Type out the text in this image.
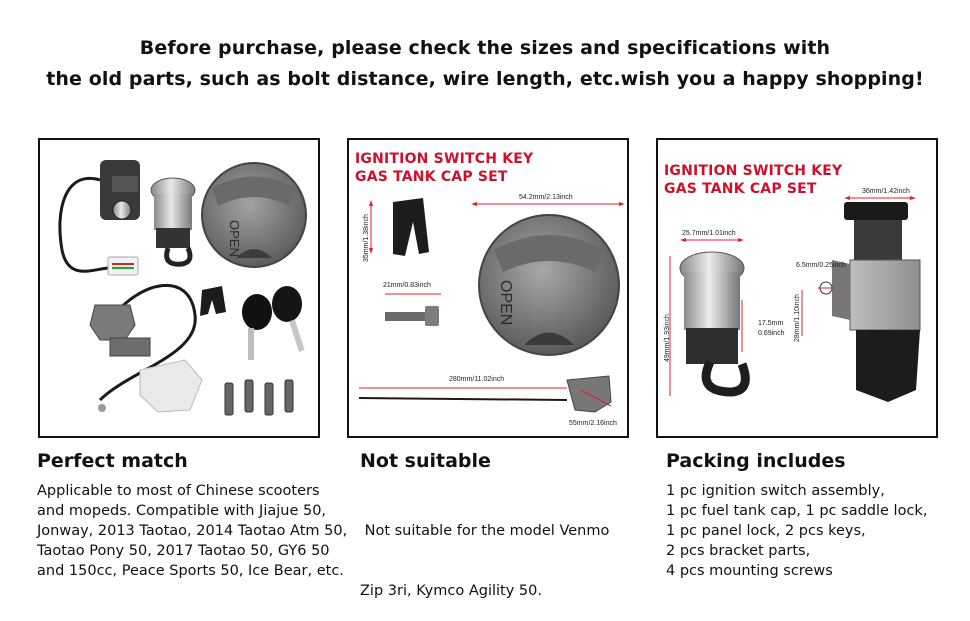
Before purchase, please check the sizes and specifications with
the old parts, such as bolt distance, wire length, etc.wish you a happy shopping!
OPEN
IGNITION SWITCH KEY
GAS TANK CAP SET
OPEN
35mm/1.38inch
21mm/0.83inch
54.2mm/2.13inch
280mm/11.02inch
55mm/2.16inch
IGNITION SWITCH KEY
GAS TANK CAP SET
25.7mm/1.01inch
49mm/1.93inch	17.5mm
0.69inch
36mm/1.42inch
6.5mm/0.25inch
28mm/1.10inch
Perfect match
Applicable to most of Chinese scooters
and mopeds. Compatible with Jiajue 50,
Jonway, 2013 Taotao, 2014 Taotao Atm 50,
Taotao Pony 50, 2017 Taotao 50, GY6 50
and 150cc, Peace Sports 50, Ice Bear, etc.
Not suitable

Not suitable for the model Venmo

Zip 3ri, Kymco Agility 50.

Packing includes
1 pc ignition switch assembly,
1 pc fuel tank cap, 1 pc saddle lock,
1 pc panel lock, 2 pcs keys,
2 pcs bracket parts,
4 pcs mounting screws
